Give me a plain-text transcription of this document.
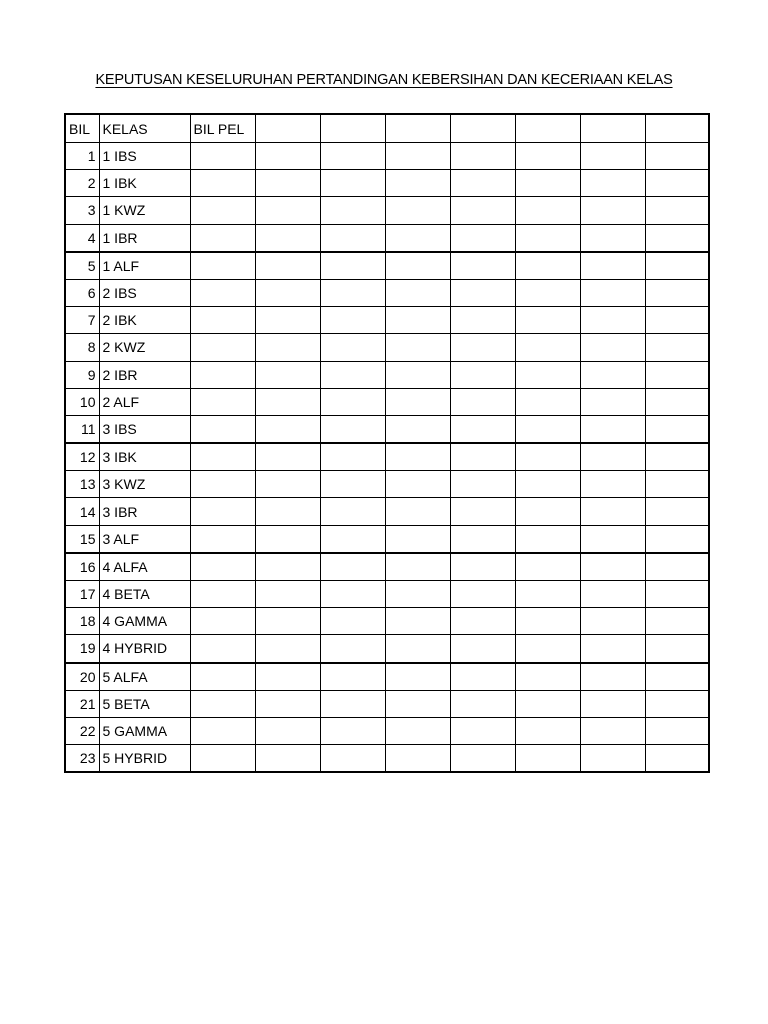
KEPUTUSAN KESELURUHAN PERTANDINGAN KEBERSIHAN DAN KECERIAAN KELAS
BIL	KELAS	BIL PEL							
1	1 IBS								
2	1 IBK								
3	1 KWZ								
4	1 IBR								
5	1 ALF								
6	2 IBS								
7	2 IBK								
8	2 KWZ								
9	2 IBR								
10	2 ALF								
11	3 IBS								
12	3 IBK								
13	3 KWZ								
14	3 IBR								
15	3 ALF								
16	4 ALFA								
17	4 BETA								
18	4 GAMMA								
19	4 HYBRID								
20	5 ALFA								
21	5 BETA								
22	5 GAMMA								
23	5 HYBRID								
